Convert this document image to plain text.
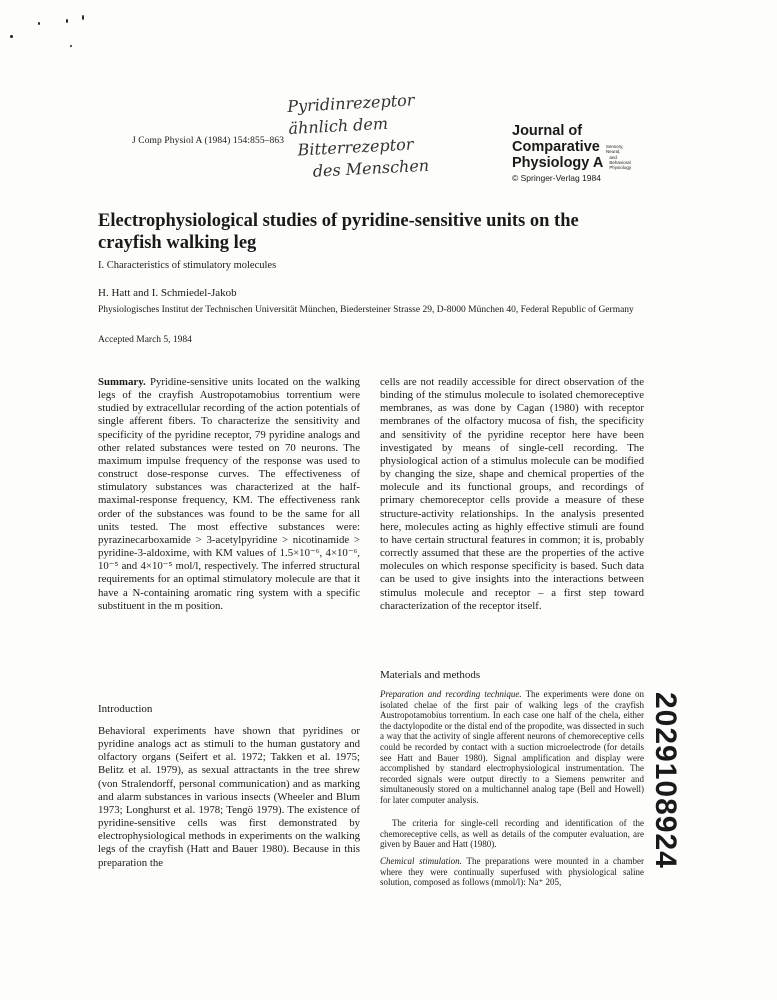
J Comp Physiol A (1984) 154:855–863
Pyridinrezeptor
ähnlich dem
Bitterrezeptor
des Menschen
Journal of
Comparative Sensory,
Neural,
Physiology A and
Behavioral
Physiology
© Springer-Verlag 1984
Electrophysiological studies of pyridine-sensitive units on the crayfish walking leg
I. Characteristics of stimulatory molecules
H. Hatt and I. Schmiedel-Jakob
Physiologisches Institut der Technischen Universität München, Biedersteiner Strasse 29, D-8000 München 40, Federal Republic of Germany
Accepted March 5, 1984
Summary. Pyridine-sensitive units located on the walking legs of the crayfish Austropotamobius torrentium were studied by extracellular recording of the action potentials of single afferent fibers. To characterize the sensitivity and specificity of the pyridine receptor, 79 pyridine analogs and other related substances were tested on 70 neurons. The maximum impulse frequency of the response was used to construct dose-response curves. The effectiveness of stimulatory substances was characterized at the half-maximal-response frequency, KM. The effectiveness rank order of the substances was found to be the same for all units tested. The most effective substances were: pyrazinecarboxamide > 3-acetylpyridine > nicotinamide > pyridine-3-aldoxime, with KM values of 1.5×10⁻⁶, 4×10⁻⁶, 10⁻⁵ and 4×10⁻⁵ mol/l, respectively. The inferred structural requirements for an optimal stimulatory molecule are that it have a N-containing aromatic ring system with a specific substituent in the m position.
Introduction
Behavioral experiments have shown that pyridines or pyridine analogs act as stimuli to the human gustatory and olfactory organs (Seifert et al. 1972; Takken et al. 1975; Belitz et al. 1979), as sexual attractants in the tree shrew (von Stralendorff, personal communication) and as marking and alarm substances in various insects (Wheeler and Blum 1973; Longhurst et al. 1978; Tengö 1979). The existence of pyridine-sensitive cells was first demonstrated by electrophysiological methods in experiments on the walking legs of the crayfish (Hatt and Bauer 1980). Because in this preparation the
cells are not readily accessible for direct observation of the binding of the stimulus molecule to isolated chemoreceptive membranes, as was done by Cagan (1980) with receptor membranes of the olfactory mucosa of fish, the specificity and sensitivity of the pyridine receptor here have been investigated by means of single-cell recording. The physiological action of a stimulus molecule can be modified by changing the size, shape and chemical properties of the molecule and its functional groups, and recordings of primary chemoreceptor cells provide a measure of these structure-activity relationships. In the analysis presented here, molecules acting as highly effective stimuli are found to have certain structural features in common; it is, probably correctly assumed that these are the properties of the active molecules on which response specificity is based. Such data can be used to give insights into the interactions between stimulus molecule and receptor – a first step toward characterization of the receptor itself.
Materials and methods
Preparation and recording technique. The experiments were done on isolated chelae of the first pair of walking legs of the crayfish Austropotamobius torrentium. In each case one half of the chela, either the dactylopodite or the distal end of the propodite, was dissected in such a way that the activity of single afferent neurons of chemoreceptive cells could be recorded by contact with a suction microelectrode (for details see Hatt and Bauer 1980). Signal amplification and display were accomplished by standard electrophysiological instrumentation. The recorded signals were output directly to a Siemens penwriter and simultaneously stored on a multichannel analog tape (Bell and Howell) for later computer analysis.
The criteria for single-cell recording and identification of the chemoreceptive cells, as well as details of the computer evaluation, are given by Bauer and Hatt (1980).
Chemical stimulation. The preparations were mounted in a chamber where they were continually superfused with physiological saline solution, composed as follows (mmol/l): Na⁺ 205,
2029108924
